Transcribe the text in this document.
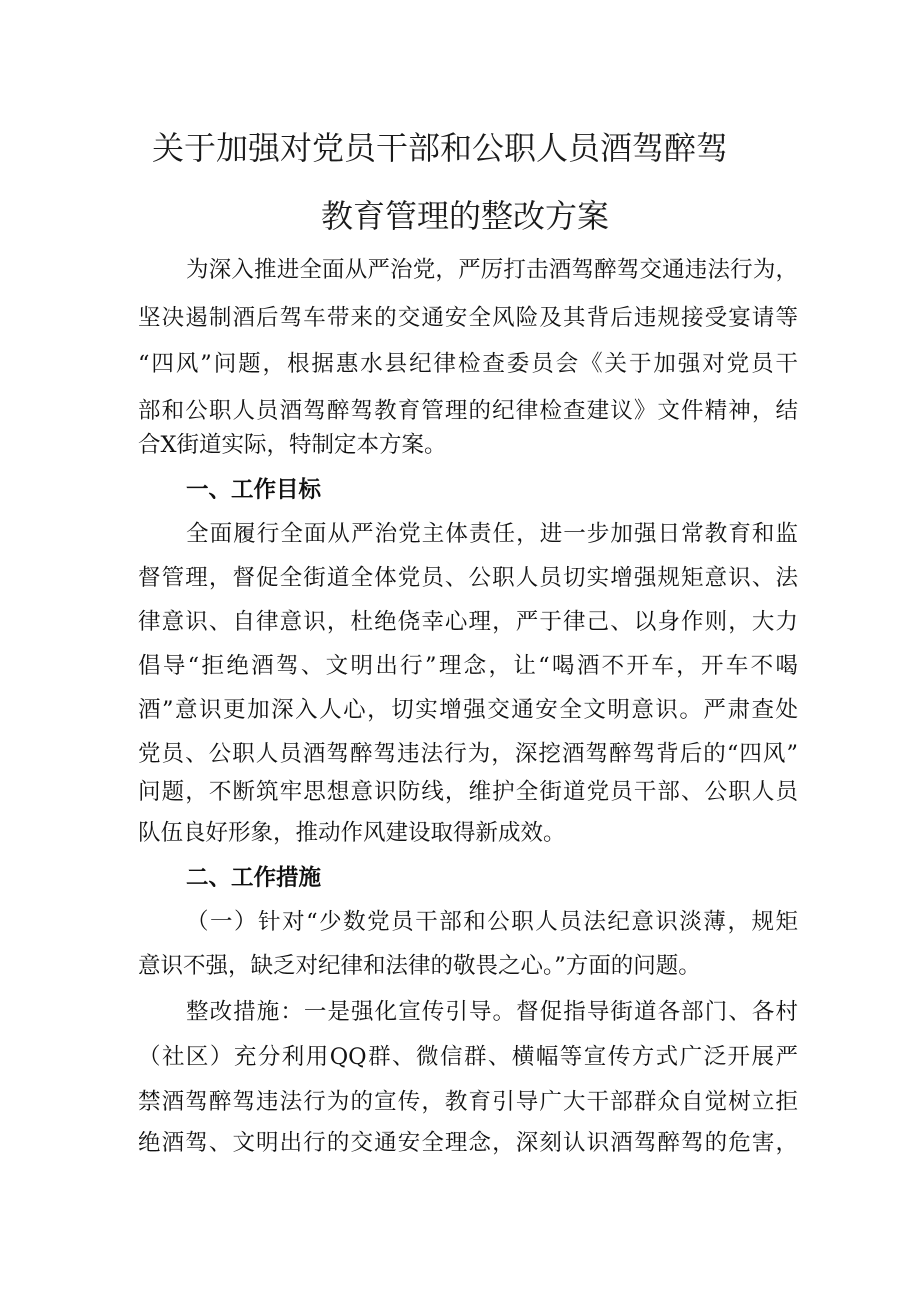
关于加强对党员干部和公职人员酒驾醉驾
教育管理的整改方案
为深入推进全面从严治党，严厉打击酒驾醉驾交通违法行为，
坚决遏制酒后驾车带来的交通安全风险及其背后违规接受宴请等
“四风”问题，根据惠水县纪律检查委员会《关于加强对党员干
部和公职人员酒驾醉驾教育管理的纪律检查建议》文件精神，结
合X街道实际，特制定本方案。
一、工作目标
全面履行全面从严治党主体责任，进一步加强日常教育和监
督管理，督促全街道全体党员、公职人员切实增强规矩意识、法
律意识、自律意识，杜绝侥幸心理，严于律己、以身作则，大力
倡导“拒绝酒驾、文明出行”理念，让“喝酒不开车，开车不喝
酒”意识更加深入人心，切实增强交通安全文明意识。严肃查处
党员、公职人员酒驾醉驾违法行为，深挖酒驾醉驾背后的“四风”
问题，不断筑牢思想意识防线，维护全街道党员干部、公职人员
队伍良好形象，推动作风建设取得新成效。
二、工作措施
（一）针对“少数党员干部和公职人员法纪意识淡薄，规矩
意识不强，缺乏对纪律和法律的敬畏之心。”方面的问题。
整改措施：一是强化宣传引导。督促指导街道各部门、各村
（社区）充分利用QQ群、微信群、横幅等宣传方式广泛开展严
禁酒驾醉驾违法行为的宣传，教育引导广大干部群众自觉树立拒
绝酒驾、文明出行的交通安全理念，深刻认识酒驾醉驾的危害，
